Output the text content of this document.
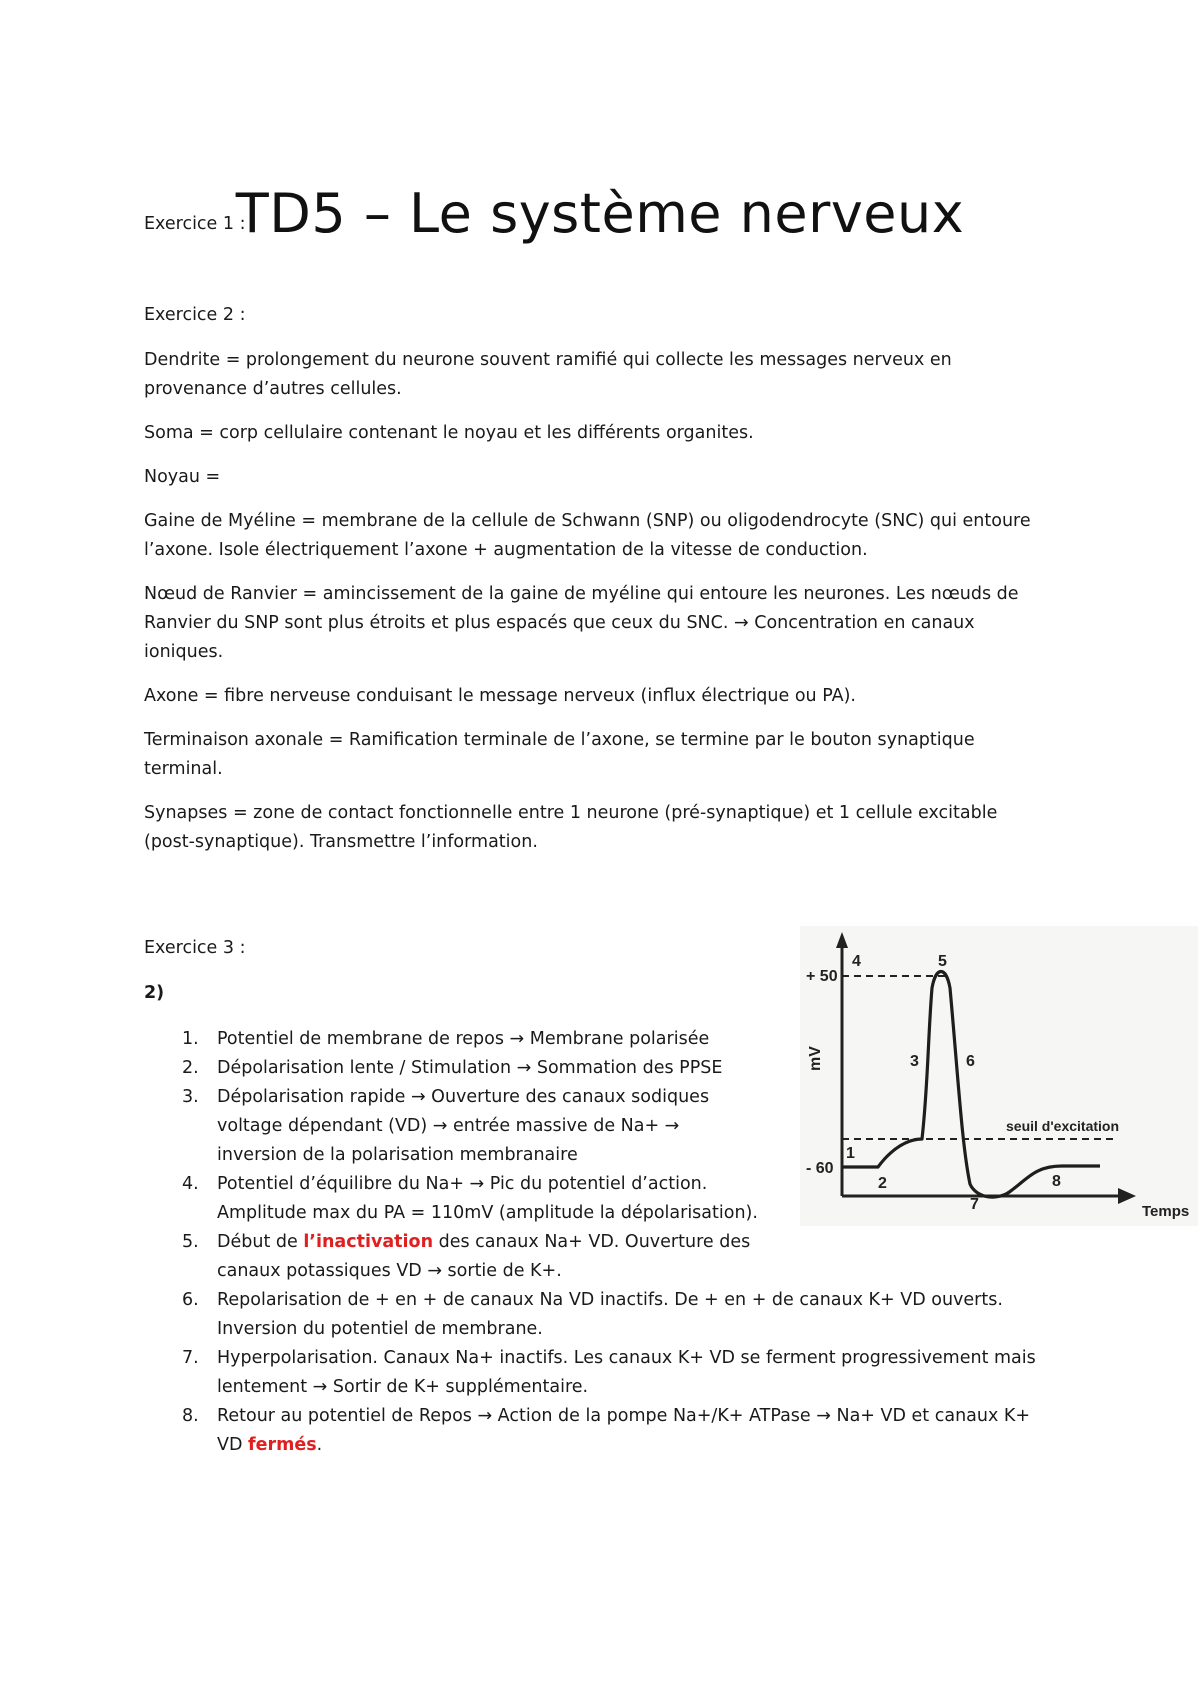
TD5 – Le système nerveux
Exercice 1 :
Exercice 2 :

Dendrite = prolongement du neurone souvent ramifié qui collecte les messages nerveux en
provenance d’autres cellules.

Soma = corp cellulaire contenant le noyau et les différents organites.

Noyau =

Gaine de Myéline = membrane de la cellule de Schwann (SNP) ou oligodendrocyte (SNC) qui entoure
l’axone. Isole électriquement l’axone + augmentation de la vitesse de conduction.

Nœud de Ranvier = amincissement de la gaine de myéline qui entoure les neurones. Les nœuds de
Ranvier du SNP sont plus étroits et plus espacés que ceux du SNC. → Concentration en canaux
ioniques.

Axone = fibre nerveuse conduisant le message nerveux (influx électrique ou PA).

Terminaison axonale = Ramification terminale de l’axone, se termine par le bouton synaptique
terminal.

Synapses = zone de contact fonctionnelle entre 1 neurone (pré-synaptique) et 1 cellule excitable
(post-synaptique). Transmettre l’information.

Exercice 3 :
2)
1. Potentiel de membrane de repos → Membrane polarisée
2. Dépolarisation lente / Stimulation → Sommation des PPSE
3. Dépolarisation rapide → Ouverture des canaux sodiques
voltage dépendant (VD) → entrée massive de Na+ →
inversion de la polarisation membranaire
4. Potentiel d’équilibre du Na+ → Pic du potentiel d’action.
Amplitude max du PA = 110mV (amplitude la dépolarisation).
5. Début de l’inactivation des canaux Na+ VD. Ouverture des
canaux potassiques VD → sortie de K+.
6. Repolarisation de + en + de canaux Na VD inactifs. De + en + de canaux K+ VD ouverts.
Inversion du potentiel de membrane.
7. Hyperpolarisation. Canaux Na+ inactifs. Les canaux K+ VD se ferment progressivement mais
lentement → Sortir de K+ supplémentaire.
8. Retour au potentiel de Repos → Action de la pompe Na+/K+ ATPase → Na+ VD et canaux K+
VD fermés.
+ 50
- 60
mV
Temps
seuil d'excitation
1
2
3
4	5
6
7
8
